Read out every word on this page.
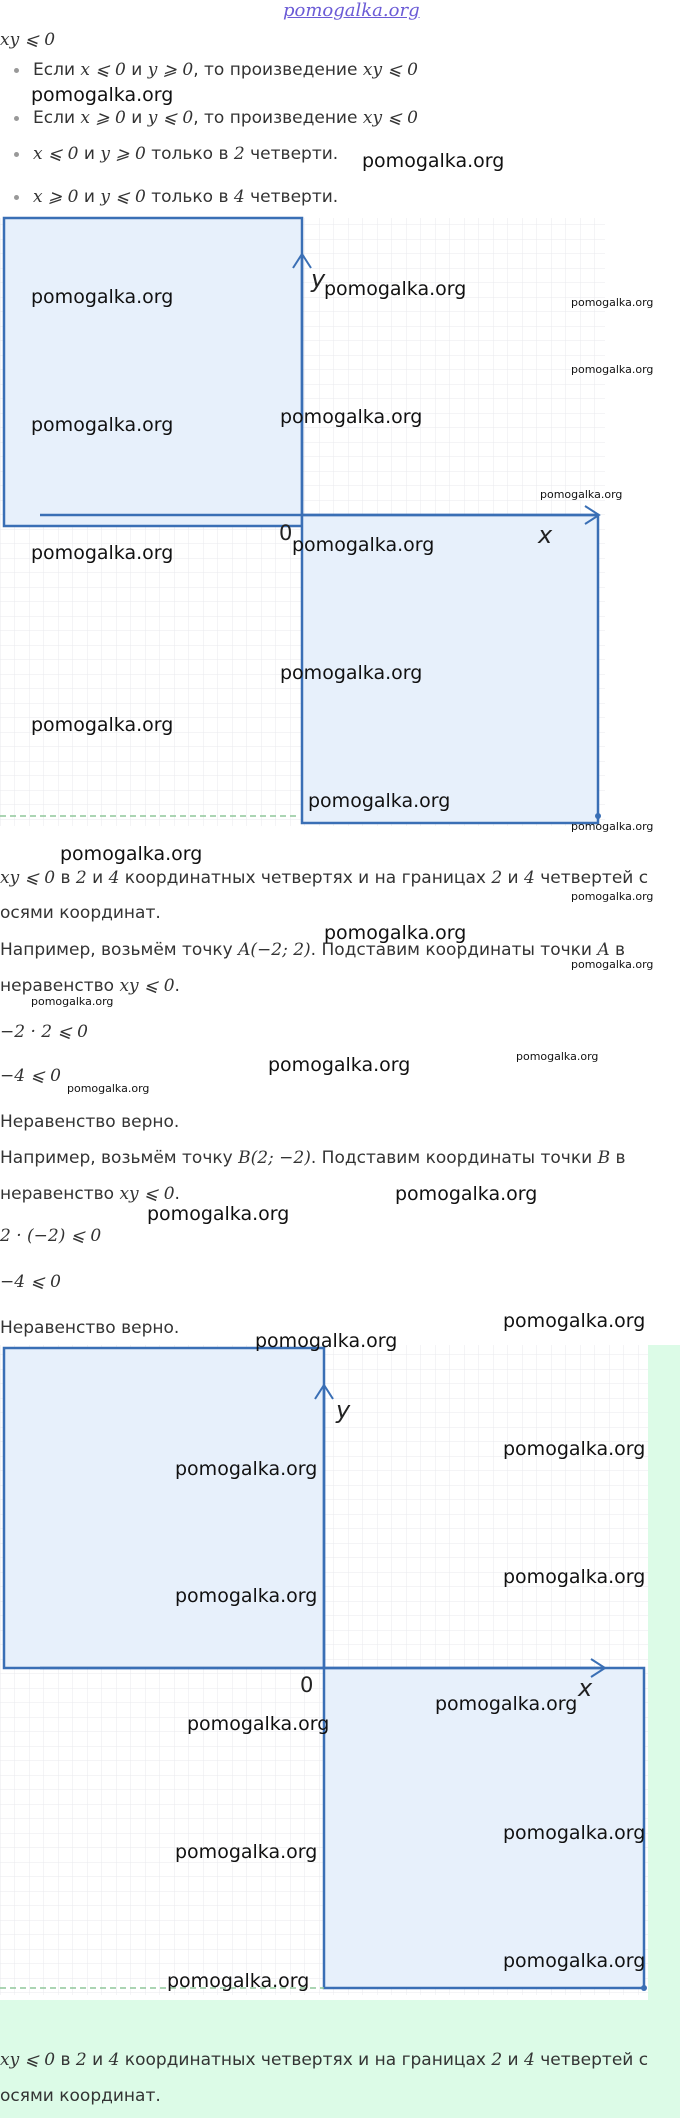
pomogalka.org
xy ⩽ 0
Если x ⩽ 0 и y ⩾ 0, то произведение xy ⩽ 0
Если x ⩾ 0 и y ⩽ 0, то произведение xy ⩽ 0
x ⩽ 0 и y ⩾ 0 только в 2 четверти.
x ⩾ 0 и y ⩽ 0 только в 4 четверти.
y
x
0
xy ⩽ 0 в 2 и 4 координатных четвертях и на границах 2 и 4 четвертей с
осями координат.
Например, возьмём точку A(−2; 2). Подставим координаты точки A в
неравенство xy ⩽ 0.
−2 · 2 ⩽ 0
−4 ⩽ 0
Неравенство верно.
Например, возьмём точку B(2; −2). Подставим координаты точки B в
неравенство xy ⩽ 0.
2 · (−2) ⩽ 0
−4 ⩽ 0
Неравенство верно.
y
x
0
xy ⩽ 0 в 2 и 4 координатных четвертях и на границах 2 и 4 четвертей с
осями координат.
pomogalka.org
pomogalka.org
pomogalka.org	pomogalka.org
pomogalka.org
pomogalka.org
pomogalka.org	pomogalka.org
pomogalka.org
pomogalka.org	pomogalka.org
pomogalka.org
pomogalka.org
pomogalka.org
pomogalka.org
pomogalka.org
pomogalka.org
pomogalka.org
pomogalka.org
pomogalka.org
pomogalka.org	pomogalka.org
pomogalka.org
pomogalka.org
pomogalka.org
pomogalka.org
pomogalka.org
pomogalka.org
pomogalka.org
pomogalka.org
pomogalka.org
pomogalka.org
pomogalka.org
pomogalka.org
pomogalka.org
pomogalka.org
pomogalka.org
